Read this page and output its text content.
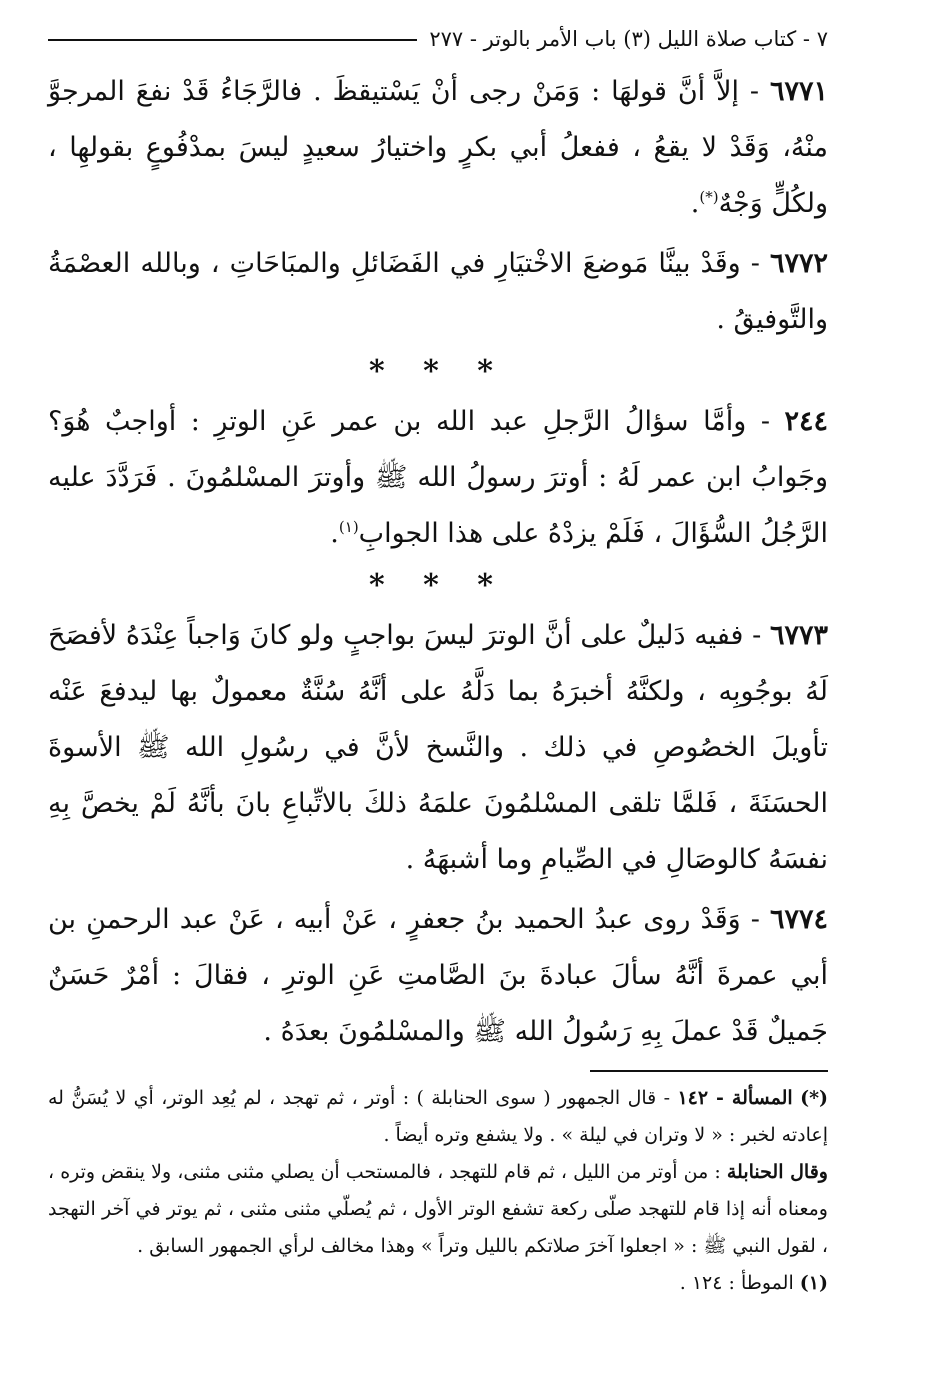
٧ - كتاب صلاة الليل (٣) باب الأمر بالوتر - ٢٧٧

٦٧٧١ - إلاَّ أنَّ قولهَا : وَمَنْ رجى أنْ يَسْتيقظَ . فالرَّجَاءُ قَدْ نفعَ المرجوَّ منْهُ، وَقَدْ لا يقعُ ، ففعلُ أبي بكرٍ واختيارُ سعيدٍ ليسَ بمدْفُوعٍ بقولهِا ، ولكُلٍّ وَجْهٌ(*).

٦٧٧٢ - وقَدْ بينَّا مَوضعَ الاخْتيَارِ في الفَضَائلِ والمبَاحَاتِ ، وبالله العصْمَةُ والتَّوفيقُ .

* * *

٢٤٤ - وأمَّا سؤالُ الرَّجلِ عبد الله بن عمر عَنِ الوترِ : أواجبٌ هُوَ؟ وجَوابُ ابن عمر لَهُ : أوترَ رسولُ الله ﷺ وأوترَ المسْلمُونَ . فَرَدَّدَ عليه الرَّجُلُ السُّؤَالَ ، فَلَمْ يزدْهُ على هذا الجوابِ$^{(١)}$.

* * *

٦٧٧٣ - ففيه دَليلٌ على أنَّ الوترَ ليسَ بواجبٍ ولو كانَ وَاجباً عِنْدَهُ لأفصَحَ لَهُ بوجُوبِه ، ولكنَّهُ أخبرَهُ بما دَلَّهُ على أنَّهُ سُنَّةٌ معمولٌ بها ليدفعَ عَنْه تأويلَ الخصُوصِ في ذلك . والنَّسخ لأنَّ في رسُولِ الله ﷺ الأسوةَ الحسَنَةَ ، فَلمَّا تلقى المسْلمُونَ علمَهُ ذلكَ بالاتِّباعِ بانَ بأنَّهُ لَمْ يخصَّ بِهِ نفسَهُ كالوصَالِ في الصِّيامِ وما أشبهَهُ .

٦٧٧٤ - وَقَدْ روى عبدُ الحميد بنُ جعفرٍ ، عَنْ أبيه ، عَنْ عبد الرحمنِ بن أبي عمرةَ أنَّهُ سألَ عبادةَ بنَ الصَّامتِ عَنِ الوترِ ، فقالَ : أمْرٌ حَسَنٌ جَميلٌ قَدْ عملَ بِهِ رَسُولُ الله ﷺ والمسْلمُونَ بعدَهُ .

(*) المسألة - ١٤٢ - قال الجمهور ( سوى الحنابلة ) : أوتر ، ثم تهجد ، لم يُعِد الوتر، أي لا يُسَنُّ له إعادته لخبر : « لا وتران في ليلة » . ولا يشفع وتره أيضاً .
وقال الحنابلة : من أوتر من الليل ، ثم قام للتهجد ، فالمستحب أن يصلي مثنى مثنى، ولا ينقض وتره ، ومعناه أنه إذا قام للتهجد صلّى ركعة تشفع الوتر الأول ، ثم يُصلّي مثنى مثنى ، ثم يوتر في آخر التهجد ، لقول النبي ﷺ : « اجعلوا آخرَ صلاتكم بالليل وتراً » وهذا مخالف لرأي الجمهور السابق .

(١) الموطأ : ١٢٤ .
